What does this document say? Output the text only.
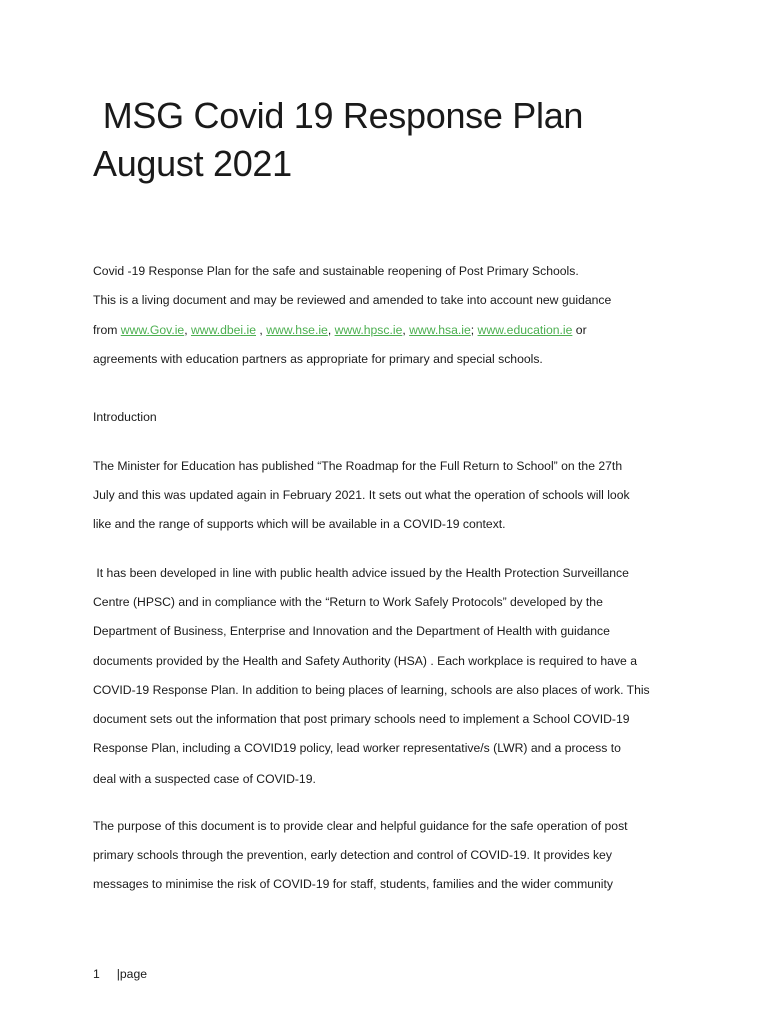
MSG Covid 19 Response Plan
August 2021

Covid -19 Response Plan for the safe and sustainable reopening of Post Primary Schools.

This is a living document and may be reviewed and amended to take into account new guidance

from www.Gov.ie, www.dbei.ie , www.hse.ie, www.hpsc.ie, www.hsa.ie; www.education.ie or

agreements with education partners as appropriate for primary and special schools.

Introduction

The Minister for Education has published “The Roadmap for the Full Return to School” on the 27th

July and this was updated again in February 2021. It sets out what the operation of schools will look

like and the range of supports which will be available in a COVID-19 context.

It has been developed in line with public health advice issued by the Health Protection Surveillance

Centre (HPSC) and in compliance with the “Return to Work Safely Protocols” developed by the

Department of Business, Enterprise and Innovation and the Department of Health with guidance

documents provided by the Health and Safety Authority (HSA) . Each workplace is required to have a

COVID-19 Response Plan. In addition to being places of learning, schools are also places of work. This

document sets out the information that post primary schools need to implement a School COVID-19

Response Plan, including a COVID19 policy, lead worker representative/s (LWR) and a process to

deal with a suspected case of COVID-19.

The purpose of this document is to provide clear and helpful guidance for the safe operation of post

primary schools through the prevention, early detection and control of COVID-19. It provides key

messages to minimise the risk of COVID-19 for staff, students, families and the wider community

1 |page
